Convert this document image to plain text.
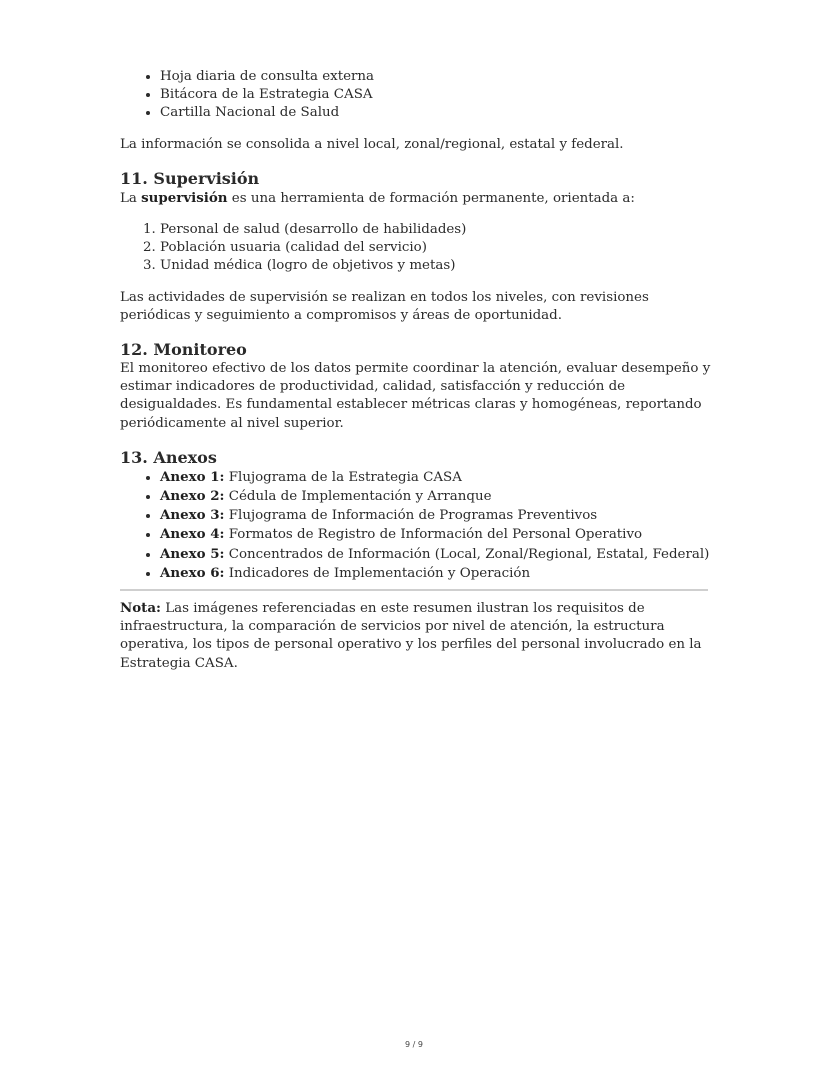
• Hoja diaria de consulta externa
• Bitácora de la Estrategia CASA
• Cartilla Nacional de Salud

La información se consolida a nivel local, zonal/regional, estatal y federal.

11. Supervisión

La supervisión es una herramienta de formación permanente, orientada a:

1. Personal de salud (desarrollo de habilidades)
2. Población usuaria (calidad del servicio)
3. Unidad médica (logro de objetivos y metas)

Las actividades de supervisión se realizan en todos los niveles, con revisiones periódicas y seguimiento a compromisos y áreas de oportunidad.

12. Monitoreo

El monitoreo efectivo de los datos permite coordinar la atención, evaluar desempeño y estimar indicadores de productividad, calidad, satisfacción y reducción de desigualdades. Es fundamental establecer métricas claras y homogéneas, reportando periódicamente al nivel superior.

13. Anexos
• Anexo 1: Flujograma de la Estrategia CASA
• Anexo 2: Cédula de Implementación y Arranque
• Anexo 3: Flujograma de Información de Programas Preventivos
• Anexo 4: Formatos de Registro de Información del Personal Operativo
• Anexo 5: Concentrados de Información (Local, Zonal/Regional, Estatal, Federal)
• Anexo 6: Indicadores de Implementación y Operación

Nota: Las imágenes referenciadas en este resumen ilustran los requisitos de infraestructura, la comparación de servicios por nivel de atención, la estructura operativa, los tipos de personal operativo y los perfiles del personal involucrado en la Estrategia CASA.

9 / 9
